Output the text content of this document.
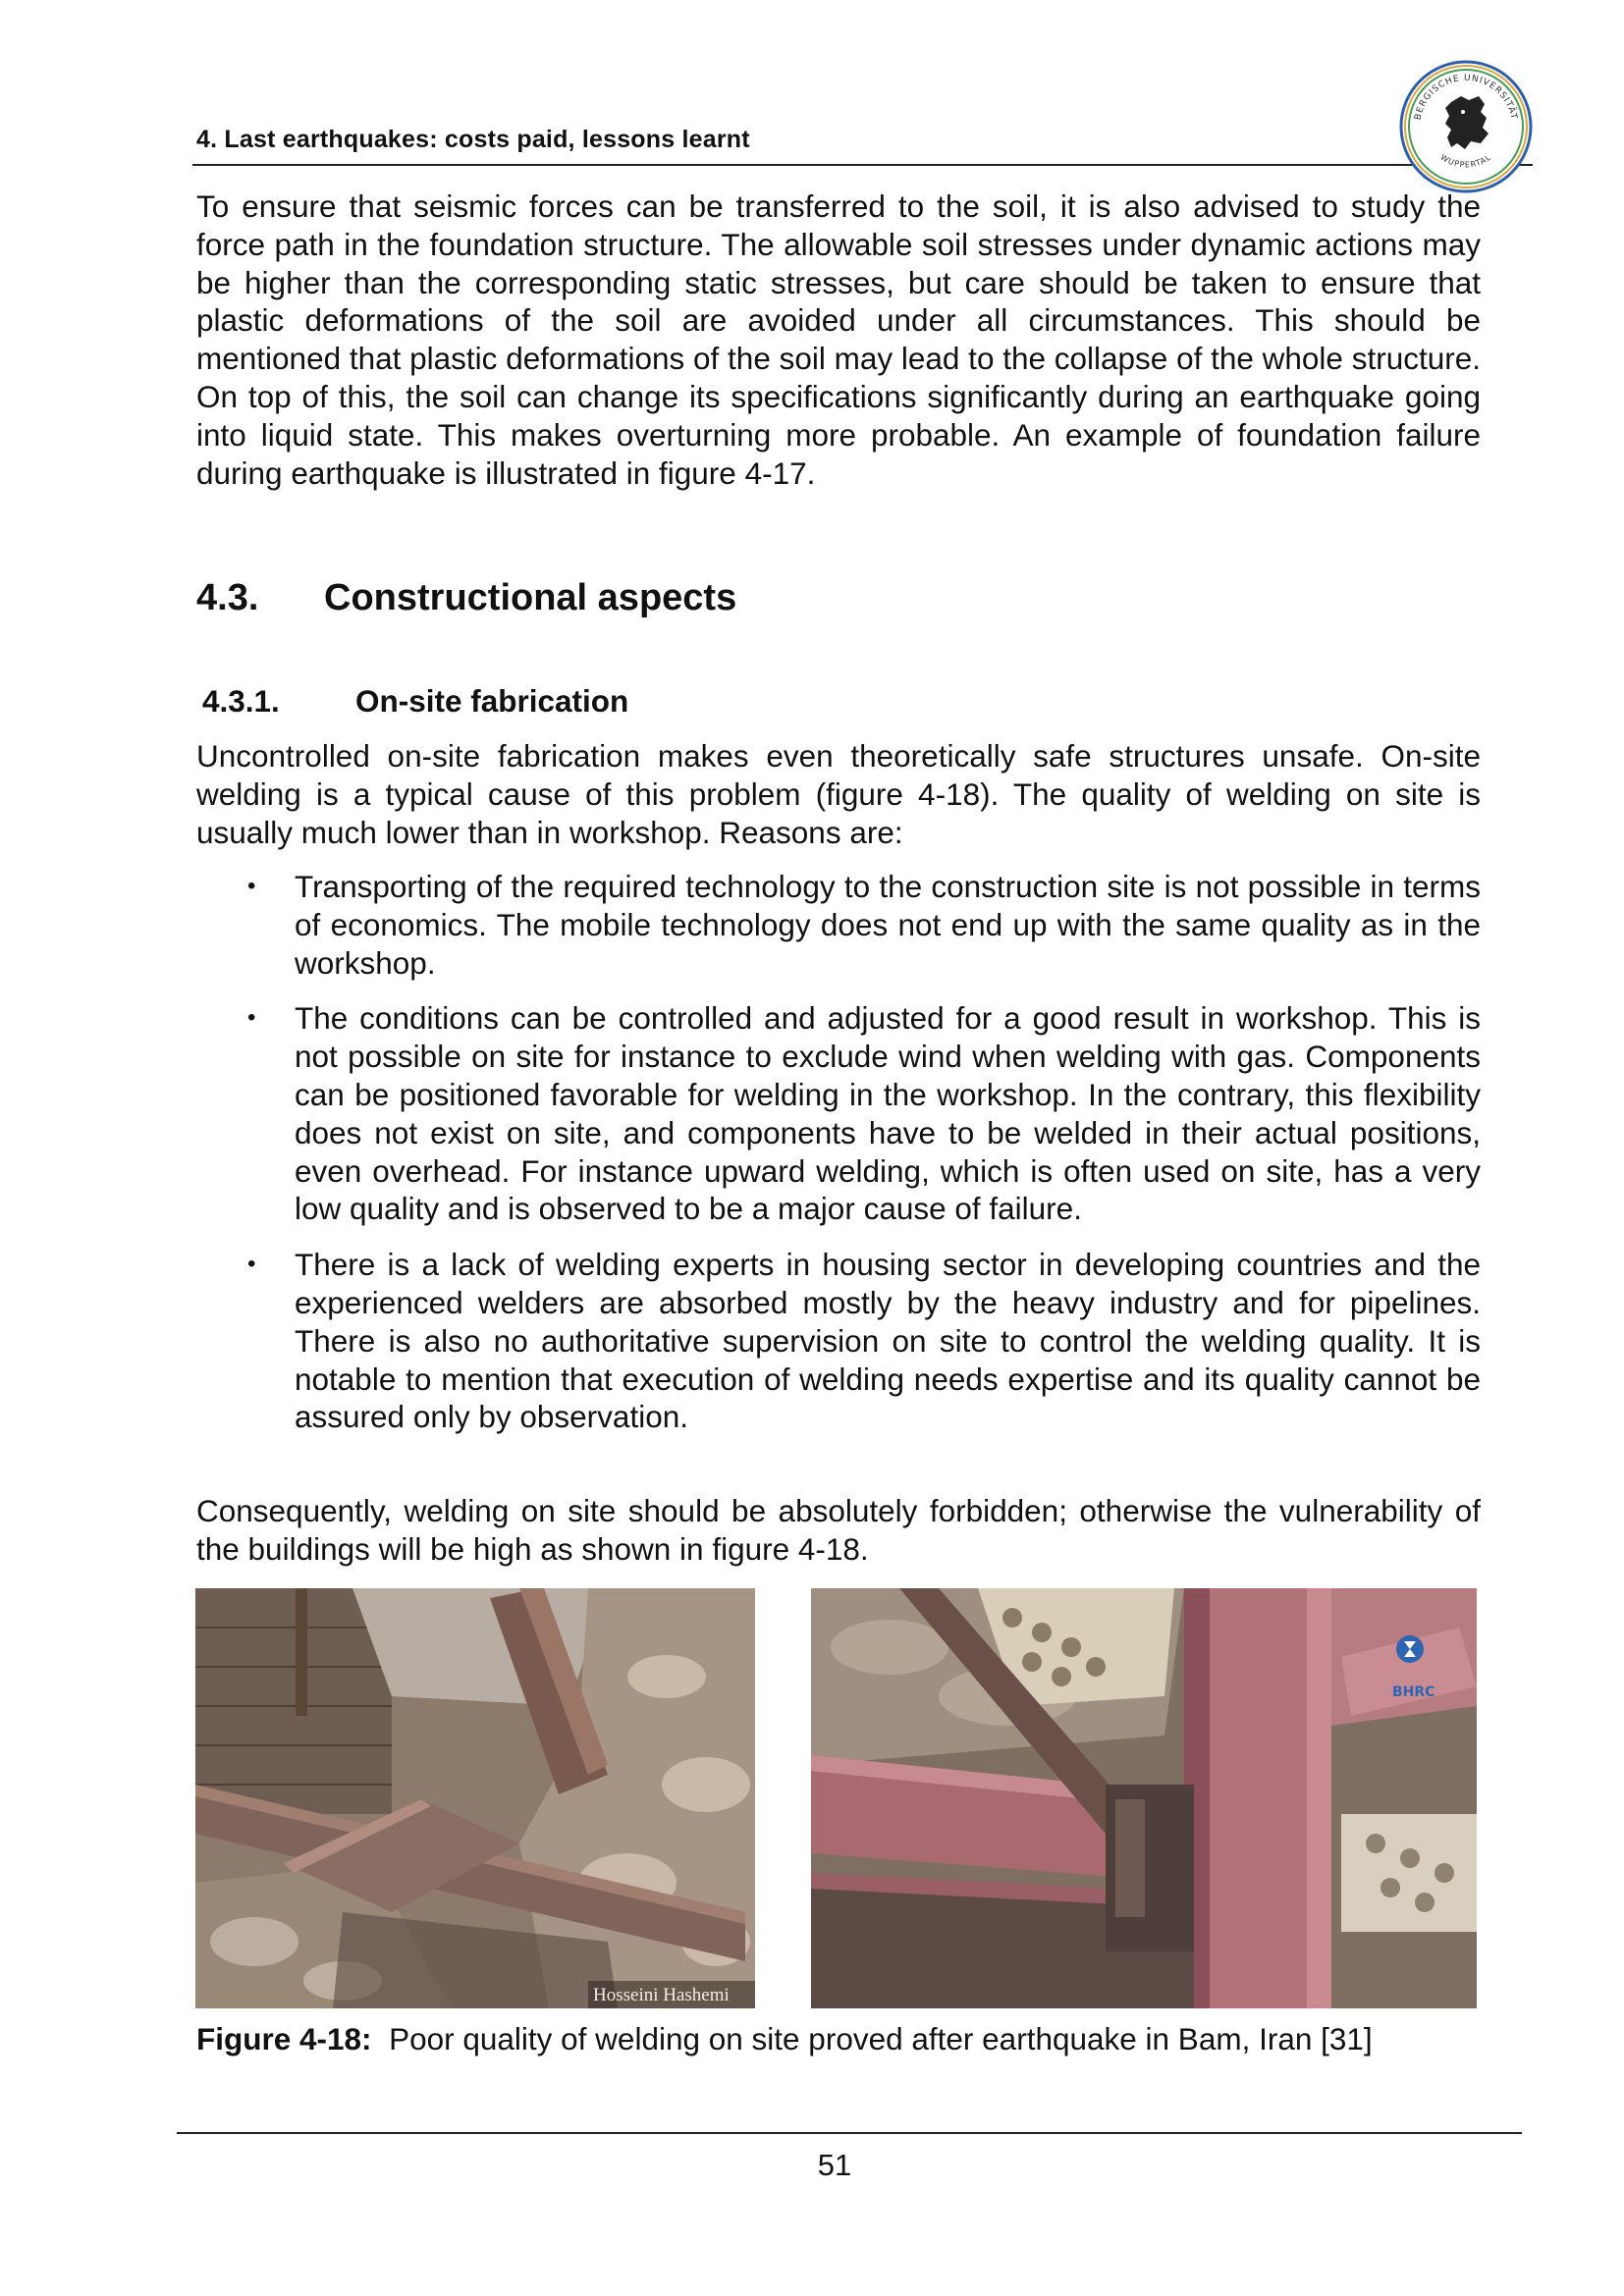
4. Last earthquakes: costs paid, lessons learnt
BERGISCHE UNIVERSITÄT
WUPPERTAL

To ensure that seismic forces can be transferred to the soil, it is also advised to study the force path in the foundation structure. The allowable soil stresses under dynamic actions may be higher than the corresponding static stresses, but care should be taken to ensure that plastic deformations of the soil are avoided under all circumstances. This should be mentioned that plastic deformations of the soil may lead to the collapse of the whole structure. On top of this, the soil can change its specifications significantly during an earthquake going into liquid state. This makes overturning more probable. An example of foundation failure during earthquake is illustrated in figure 4-17.

4.3. Constructional aspects
4.3.1. On-site fabrication

Uncontrolled on-site fabrication makes even theoretically safe structures unsafe. On-site welding is a typical cause of this problem (figure 4-18). The quality of welding on site is usually much lower than in workshop. Reasons are:

• Transporting of the required technology to the construction site is not possible in terms of economics. The mobile technology does not end up with the same quality as in the workshop.
• The conditions can be controlled and adjusted for a good result in workshop. This is not possible on site for instance to exclude wind when welding with gas. Components can be positioned favorable for welding in the workshop. In the contrary, this flexibility does not exist on site, and components have to be welded in their actual positions, even overhead. For instance upward welding, which is often used on site, has a very low quality and is observed to be a major cause of failure.
• There is a lack of welding experts in housing sector in developing countries and the experienced welders are absorbed mostly by the heavy industry and for pipelines. There is also no authoritative supervision on site to control the welding quality. It is notable to mention that execution of welding needs expertise and its quality cannot be assured only by observation.

Consequently, welding on site should be absolutely forbidden; otherwise the vulnerability of the buildings will be high as shown in figure 4-18.

Hosseini Hashemi
BHRC
Figure 4-18: Poor quality of welding on site proved after earthquake in Bam, Iran [31]
51
